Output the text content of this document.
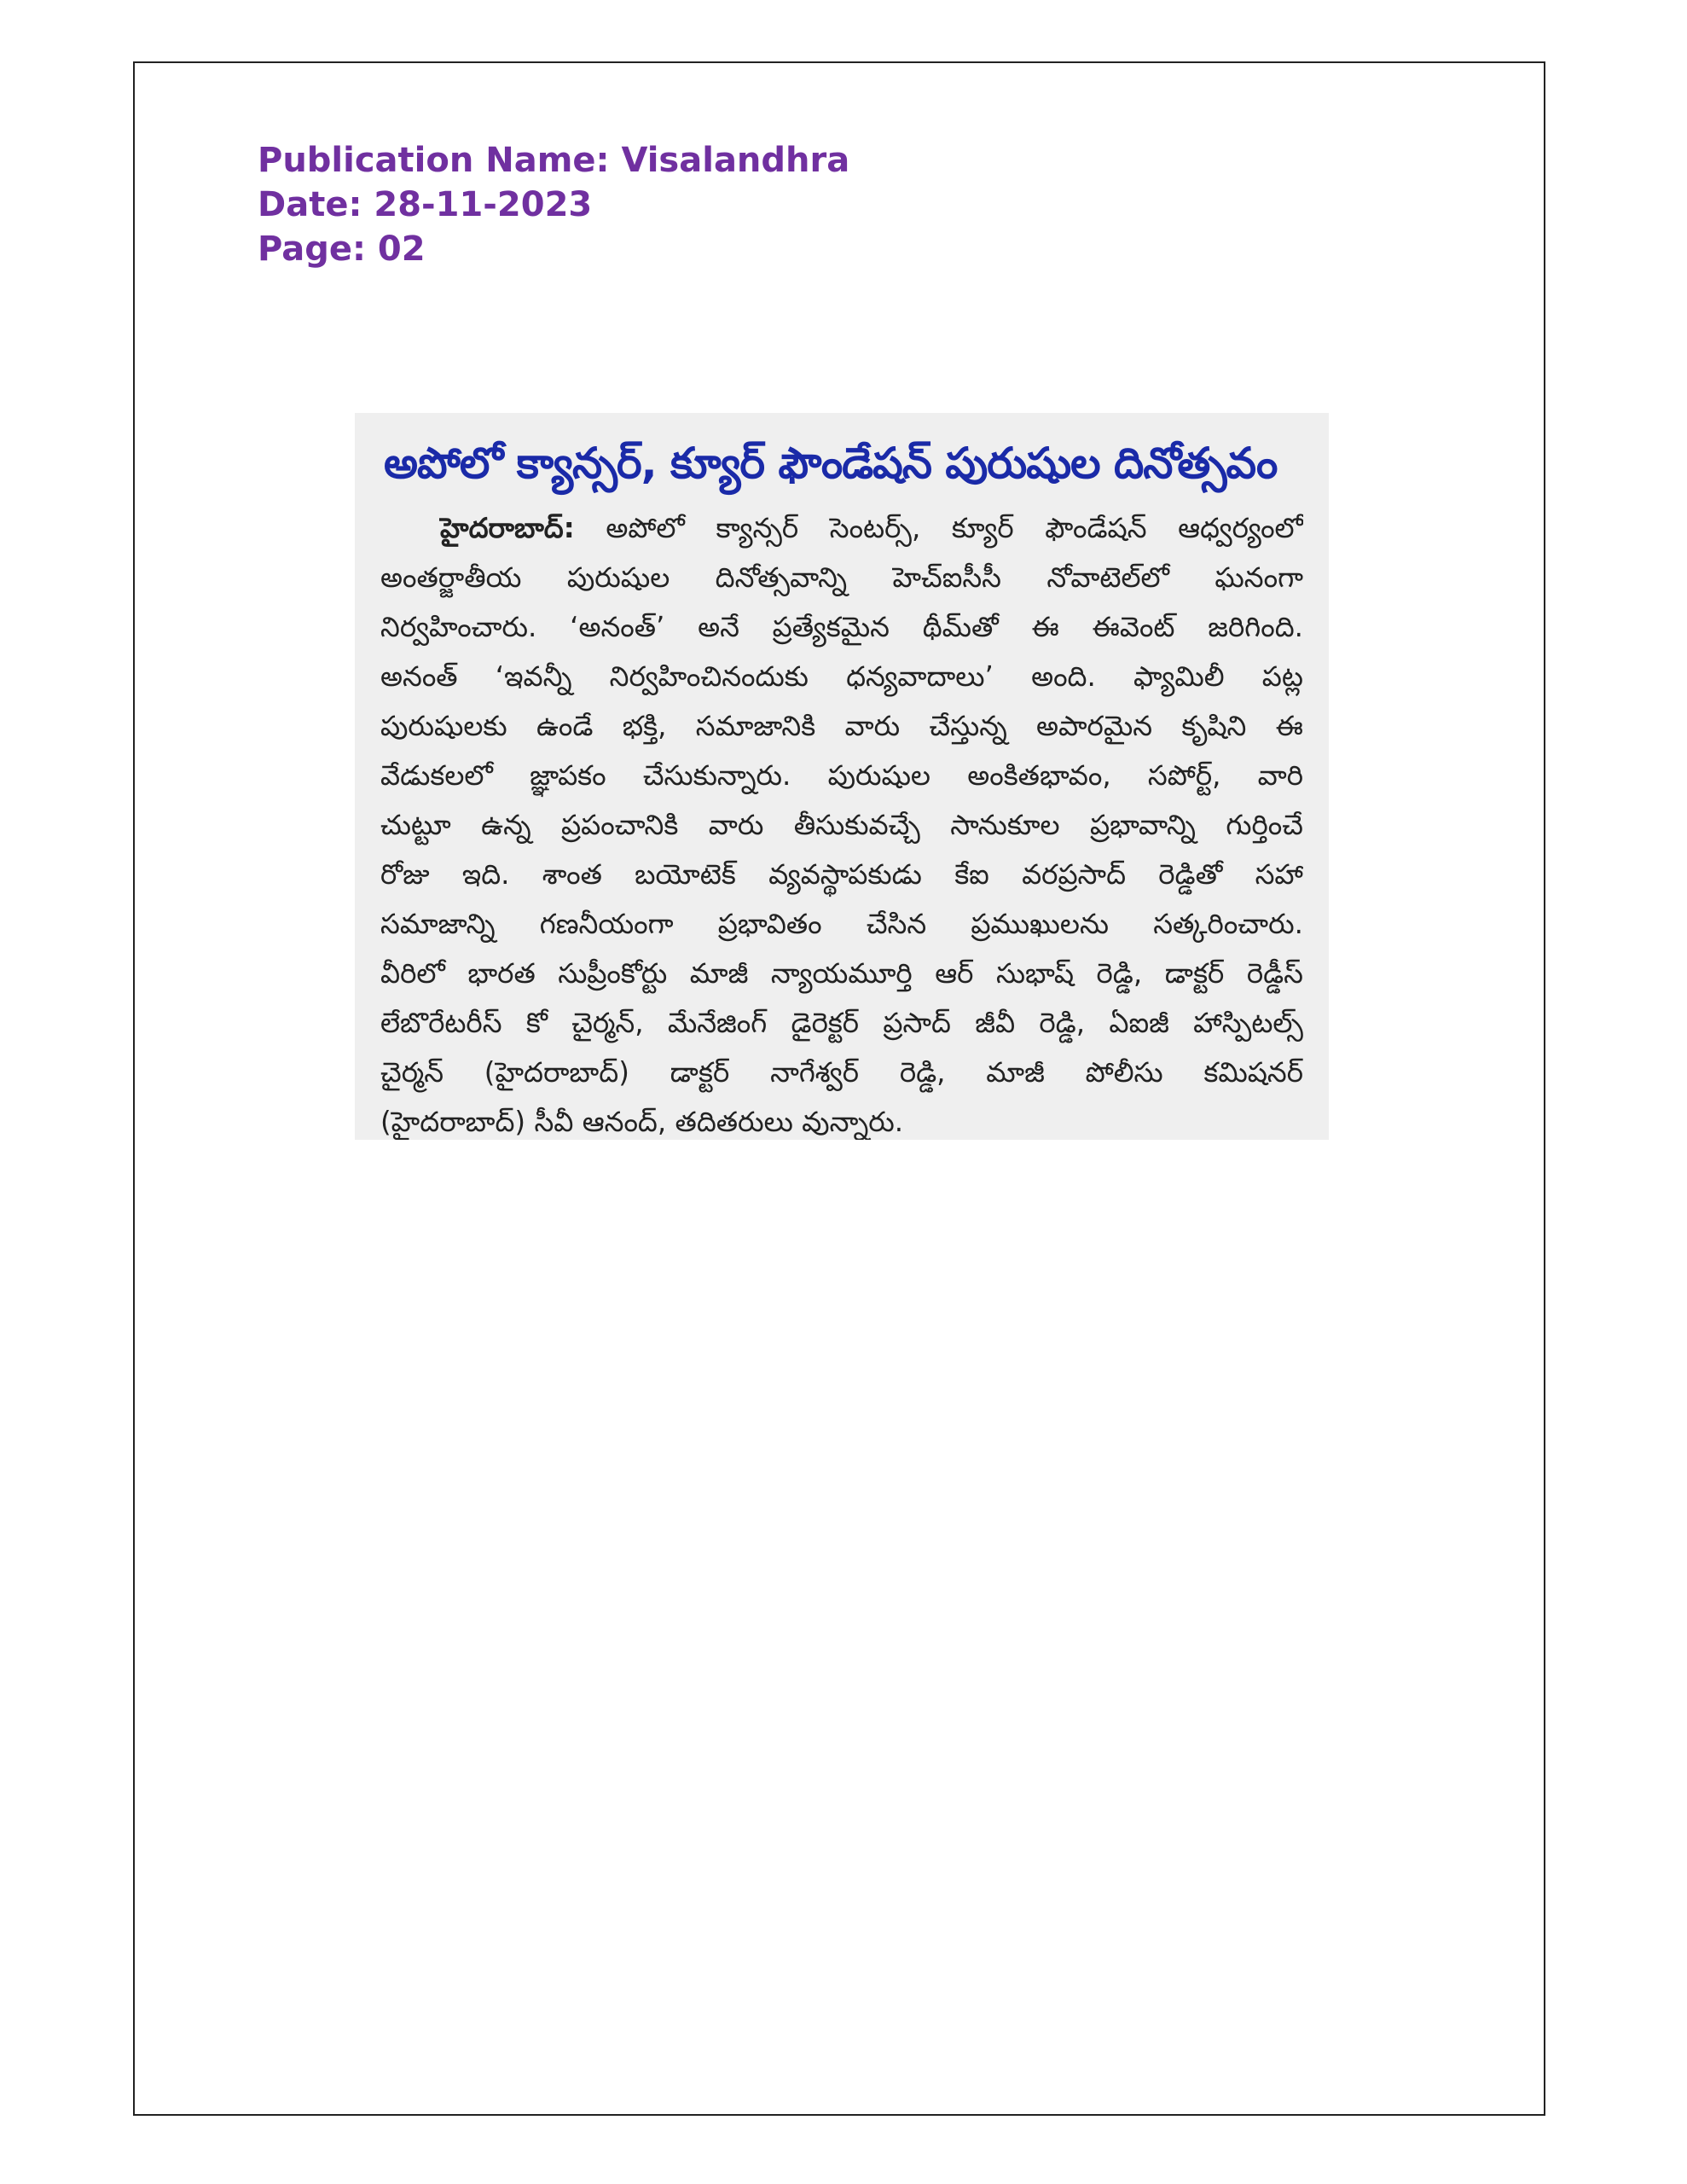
Publication Name: Visalandhra
Date: 28-11-2023
Page: 02
అపోలో క్యాన్సర్, క్యూర్ ఫౌండేషన్ పురుషుల దినోత్సవం
హైదరాబాద్: అపోలో క్యాన్సర్ సెంటర్స్, క్యూర్ ఫౌండేషన్ ఆధ్వర్యంలో
అంతర్జాతీయ పురుషుల దినోత్సవాన్ని హెచ్ఐసీసీ నోవాటెల్‌లో ఘనంగా
నిర్వహించారు. ‘అనంత్’ అనే ప్రత్యేకమైన థీమ్‌తో ఈ ఈవెంట్ జరిగింది.
అనంత్ ‘ఇవన్నీ నిర్వహించినందుకు ధన్యవాదాలు’ అంది. ఫ్యామిలీ పట్ల
పురుషులకు ఉండే భక్తి, సమాజానికి వారు చేస్తున్న అపారమైన కృషిని ఈ
వేడుకలలో జ్ఞాపకం చేసుకున్నారు. పురుషుల అంకితభావం, సపోర్ట్, వారి
చుట్టూ ఉన్న ప్రపంచానికి వారు తీసుకువచ్చే సానుకూల ప్రభావాన్ని గుర్తించే
రోజు ఇది. శాంత బయోటెక్ వ్యవస్థాపకుడు కేఐ వరప్రసాద్ రెడ్డితో సహా
సమాజాన్ని గణనీయంగా ప్రభావితం చేసిన ప్రముఖులను సత్కరించారు.
వీరిలో భారత సుప్రీంకోర్టు మాజీ న్యాయమూర్తి ఆర్ సుభాష్ రెడ్డి, డాక్టర్ రెడ్డీస్
లేబొరేటరీస్ కో చైర్మన్, మేనేజింగ్ డైరెక్టర్ ప్రసాద్ జీవీ రెడ్డి, ఏఐజీ హాస్పిటల్స్
చైర్మన్ (హైదరాబాద్) డాక్టర్ నాగేశ్వర్ రెడ్డి, మాజీ పోలీసు కమిషనర్
(హైదరాబాద్) సీవీ ఆనంద్, తదితరులు వున్నారు.
